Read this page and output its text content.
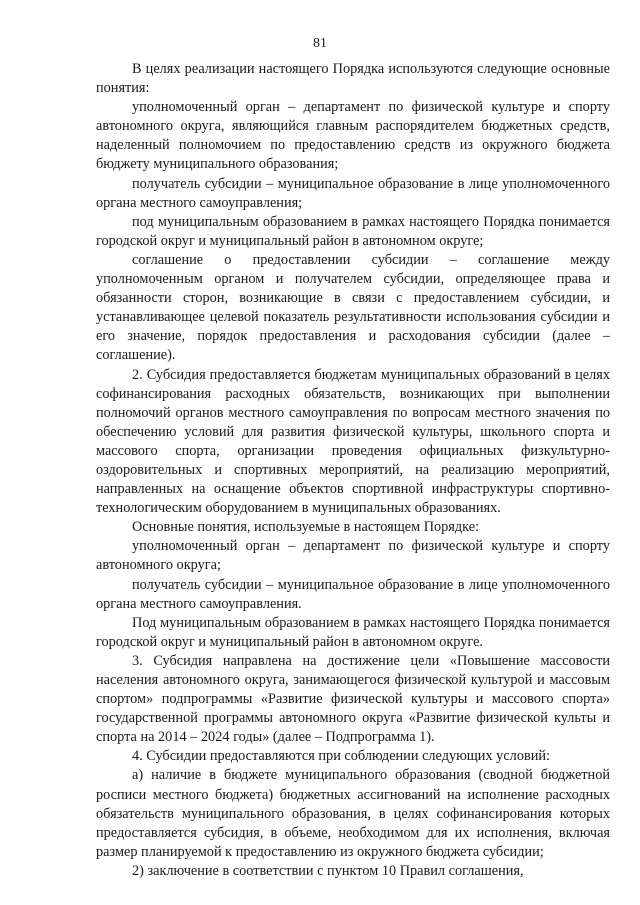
81

В целях реализации настоящего Порядка используются следующие основные понятия:

уполномоченный орган – департамент по физической культуре и спорту автономного округа, являющийся главным распорядителем бюджетных средств, наделенный полномочием по предоставлению средств из окружного бюджета бюджету муниципального образования;

получатель субсидии – муниципальное образование в лице уполномоченного органа местного самоуправления;

под муниципальным образованием в рамках настоящего Порядка понимается городской округ и муниципальный район в автономном округе;

соглашение о предоставлении субсидии – соглашение между уполномоченным органом и получателем субсидии, определяющее права и обязанности сторон, возникающие в связи с предоставлением субсидии, и устанавливающее целевой показатель результативности использования субсидии и его значение, порядок предоставления и расходования субсидии (далее – соглашение).

2. Субсидия предоставляется бюджетам муниципальных образований в целях софинансирования расходных обязательств, возникающих при выполнении полномочий органов местного самоуправления по вопросам местного значения по обеспечению условий для развития физической культуры, школьного спорта и массового спорта, организации проведения официальных физкультурно-оздоровительных и спортивных мероприятий, на реализацию мероприятий, направленных на оснащение объектов спортивной инфраструктуры спортивно-технологическим оборудованием в муниципальных образованиях.

Основные понятия, используемые в настоящем Порядке:

уполномоченный орган – департамент по физической культуре и спорту автономного округа;

получатель субсидии – муниципальное образование в лице уполномоченного органа местного самоуправления.

Под муниципальным образованием в рамках настоящего Порядка понимается городской округ и муниципальный район в автономном округе.

3. Субсидия направлена на достижение цели «Повышение массовости населения автономного округа, занимающегося физической культурой и массовым спортом» подпрограммы «Развитие физической культуры и массового спорта» государственной программы автономного округа «Развитие физической культы и спорта на 2014 – 2024 годы» (далее – Подпрограмма 1).

4. Субсидии предоставляются при соблюдении следующих условий:

а) наличие в бюджете муниципального образования (сводной бюджетной росписи местного бюджета) бюджетных ассигнований на исполнение расходных обязательств муниципального образования, в целях софинансирования которых предоставляется субсидия, в объеме, необходимом для их исполнения, включая размер планируемой к предоставлению из окружного бюджета субсидии;

2) заключение в соответствии с пунктом 10 Правил соглашения,
